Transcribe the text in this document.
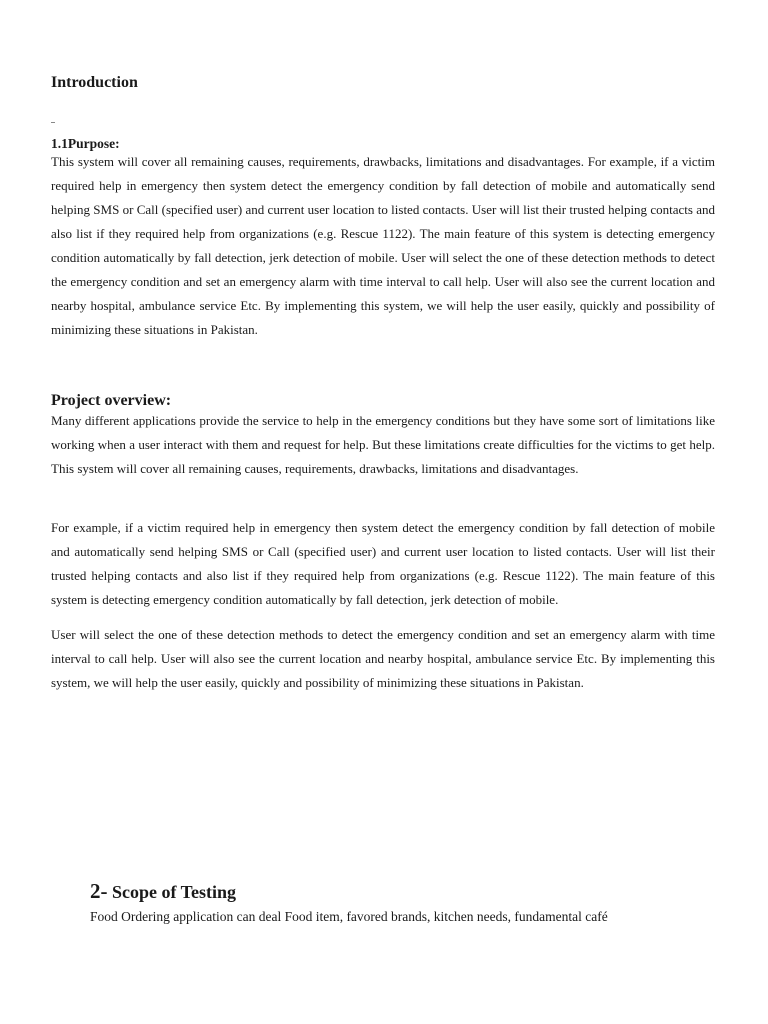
Introduction
1.1Purpose:

This system will cover all remaining causes, requirements, drawbacks, limitations and disadvantages. For example, if a victim required help in emergency then system detect the emergency condition by fall detection of mobile and automatically send helping SMS or Call (specified user) and current user location to listed contacts. User will list their trusted helping contacts and also list if they required help from organizations (e.g. Rescue 1122). The main feature of this system is detecting emergency condition automatically by fall detection, jerk detection of mobile. User will select the one of these detection methods to detect the emergency condition and set an emergency alarm with time interval to call help. User will also see the current location and nearby hospital, ambulance service Etc. By implementing this system, we will help the user easily, quickly and possibility of minimizing these situations in Pakistan.

Project overview:

Many different applications provide the service to help in the emergency conditions but they have some sort of limitations like working when a user interact with them and request for help. But these limitations create difficulties for the victims to get help. This system will cover all remaining causes, requirements, drawbacks, limitations and disadvantages.

For example, if a victim required help in emergency then system detect the emergency condition by fall detection of mobile and automatically send helping SMS or Call (specified user) and current user location to listed contacts. User will list their trusted helping contacts and also list if they required help from organizations (e.g. Rescue 1122). The main feature of this system is detecting emergency condition automatically by fall detection, jerk detection of mobile.

User will select the one of these detection methods to detect the emergency condition and set an emergency alarm with time interval to call help. User will also see the current location and nearby hospital, ambulance service Etc. By implementing this system, we will help the user easily, quickly and possibility of minimizing these situations in Pakistan.

2- Scope of Testing

Food Ordering application can deal Food item, favored brands, kitchen needs, fundamental café
